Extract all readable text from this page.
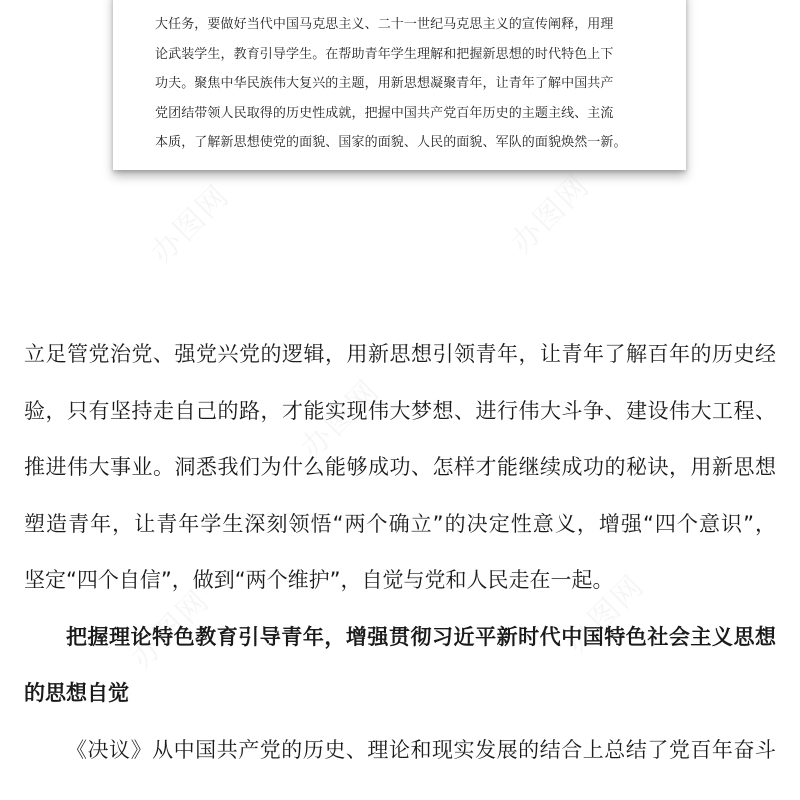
大任务，要做好当代中国马克思主义、二十一世纪马克思主义的宣传阐释，用理

论武装学生，教育引导学生。在帮助青年学生理解和把握新思想的时代特色上下

功夫。聚焦中华民族伟大复兴的主题，用新思想凝聚青年，让青年了解中国共产

党团结带领人民取得的历史性成就，把握中国共产党百年历史的主题主线、主流

本质，了解新思想使党的面貌、国家的面貌、人民的面貌、军队的面貌焕然一新。

办图网	办图网
办图网
办图网	办图网
立足管党治党、强党兴党的逻辑，用新思想引领青年，让青年了解百年的历史经
验，只有坚持走自己的路，才能实现伟大梦想、进行伟大斗争、建设伟大工程、
推进伟大事业。洞悉我们为什么能够成功、怎样才能继续成功的秘诀，用新思想
塑造青年，让青年学生深刻领悟“两个确立”的决定性意义，增强“四个意识”，
坚定“四个自信”，做到“两个维护”，自觉与党和人民走在一起。
把握理论特色教育引导青年，增强贯彻习近平新时代中国特色社会主义思想
的思想自觉
《决议》从中国共产党的历史、理论和现实发展的结合上总结了党百年奋斗
